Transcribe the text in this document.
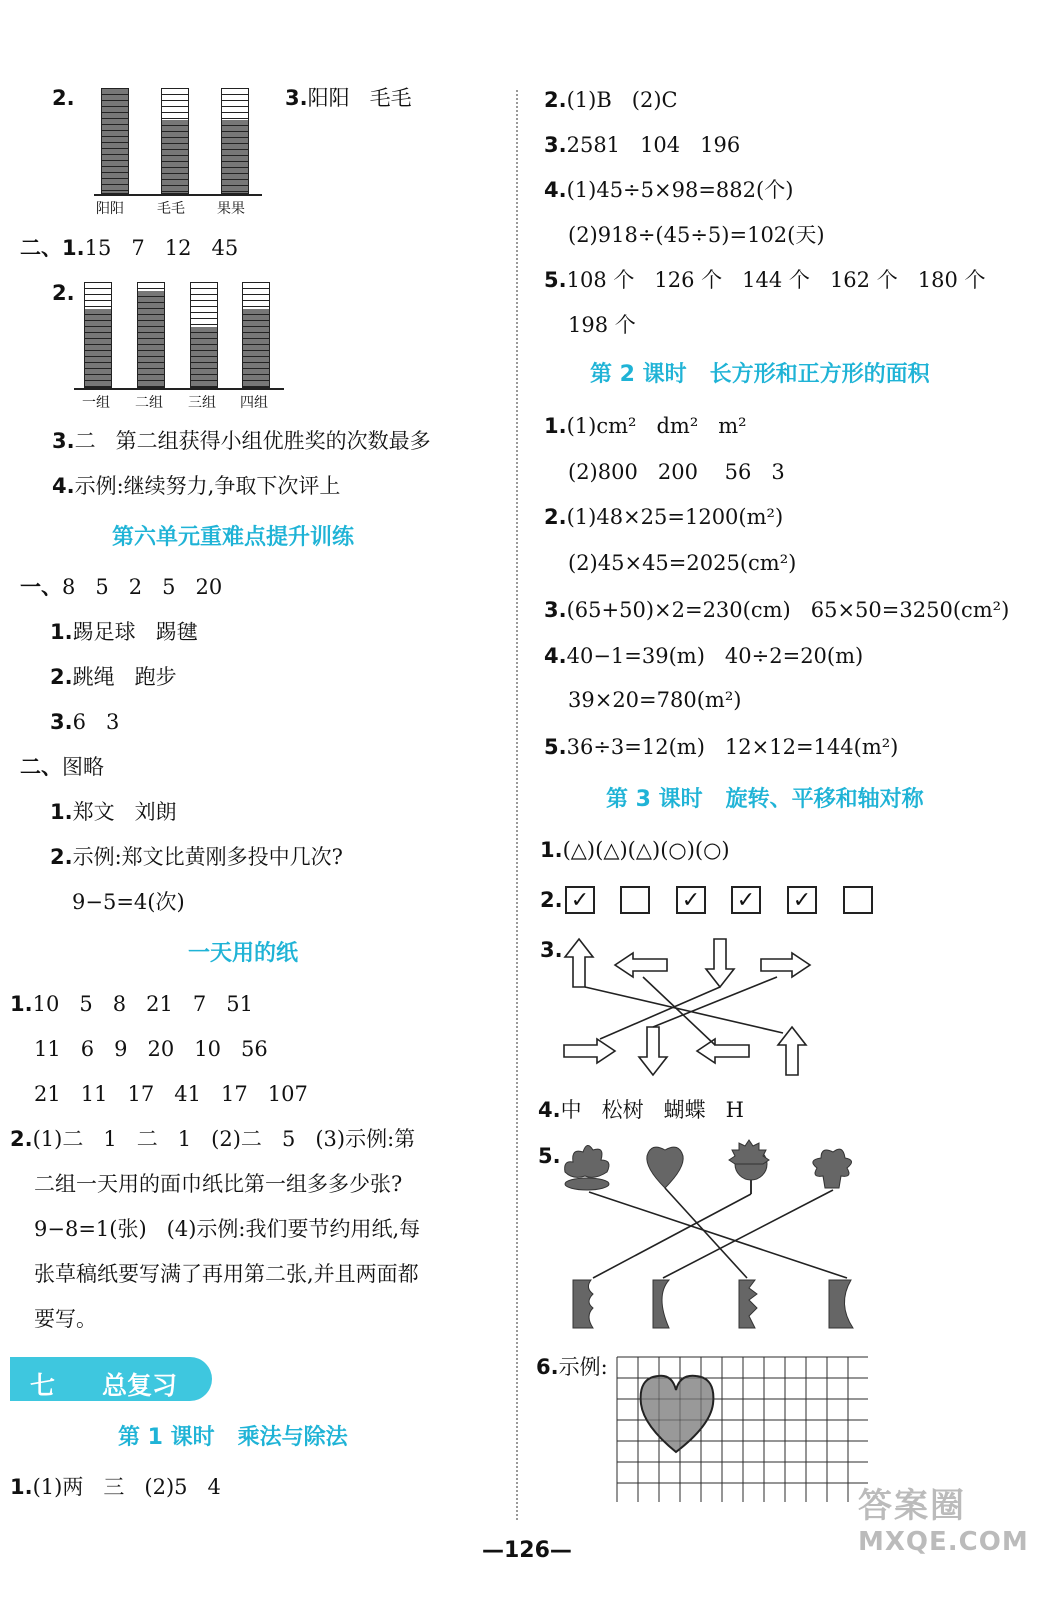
2.
阳阳 毛毛 果果
3.阳阳   毛毛
二、1.15   7   12   45
2.
一组 二组 三组 四组
3.二   第二组获得小组优胜奖的次数最多
4.示例:继续努力,争取下次评上
第六单元重难点提升训练
一、8   5   2   5   20
1.踢足球   踢毽
2.跳绳   跑步
3.6   3
二、图略
1.郑文   刘朗
2.示例:郑文比黄刚多投中几次?
9−5=4(次)
一天用的纸
1.10   5   8   21   7   51
11   6   9   20   10   56
21   11   17   41   17   107
2.(1)二   1   二   1   (2)二   5   (3)示例:第
二组一天用的面巾纸比第一组多多少张?
9−8=1(张)   (4)示例:我们要节约用纸,每
张草稿纸要写满了再用第二张,并且两面都
要写。
七 总复习
第 1 课时   乘法与除法
1.(1)两   三   (2)5   4
2.(1)B   (2)C
3.2581   104   196
4.(1)45÷5×98=882(个)
(2)918÷(45÷5)=102(天)
5.108 个   126 个   144 个   162 个   180 个
198 个
第 2 课时   长方形和正方形的面积
1.(1)cm²   dm²   m²
(2)800   200    56   3
2.(1)48×25=1200(m²)
(2)45×45=2025(cm²)
3.(65+50)×2=230(cm)   65×50=3250(cm²)
4.40−1=39(m)   40÷2=20(m)
39×20=780(m²)
5.36÷3=12(m)   12×12=144(m²)
第 3 课时   旋转、平移和轴对称
1.(△)(△)(△)(○)(○)
2. ✓	✓ ✓ ✓
3.
4.中   松树   蝴蝶   H
5.
6.示例:
—126—
答案圈
MXQE.COM
